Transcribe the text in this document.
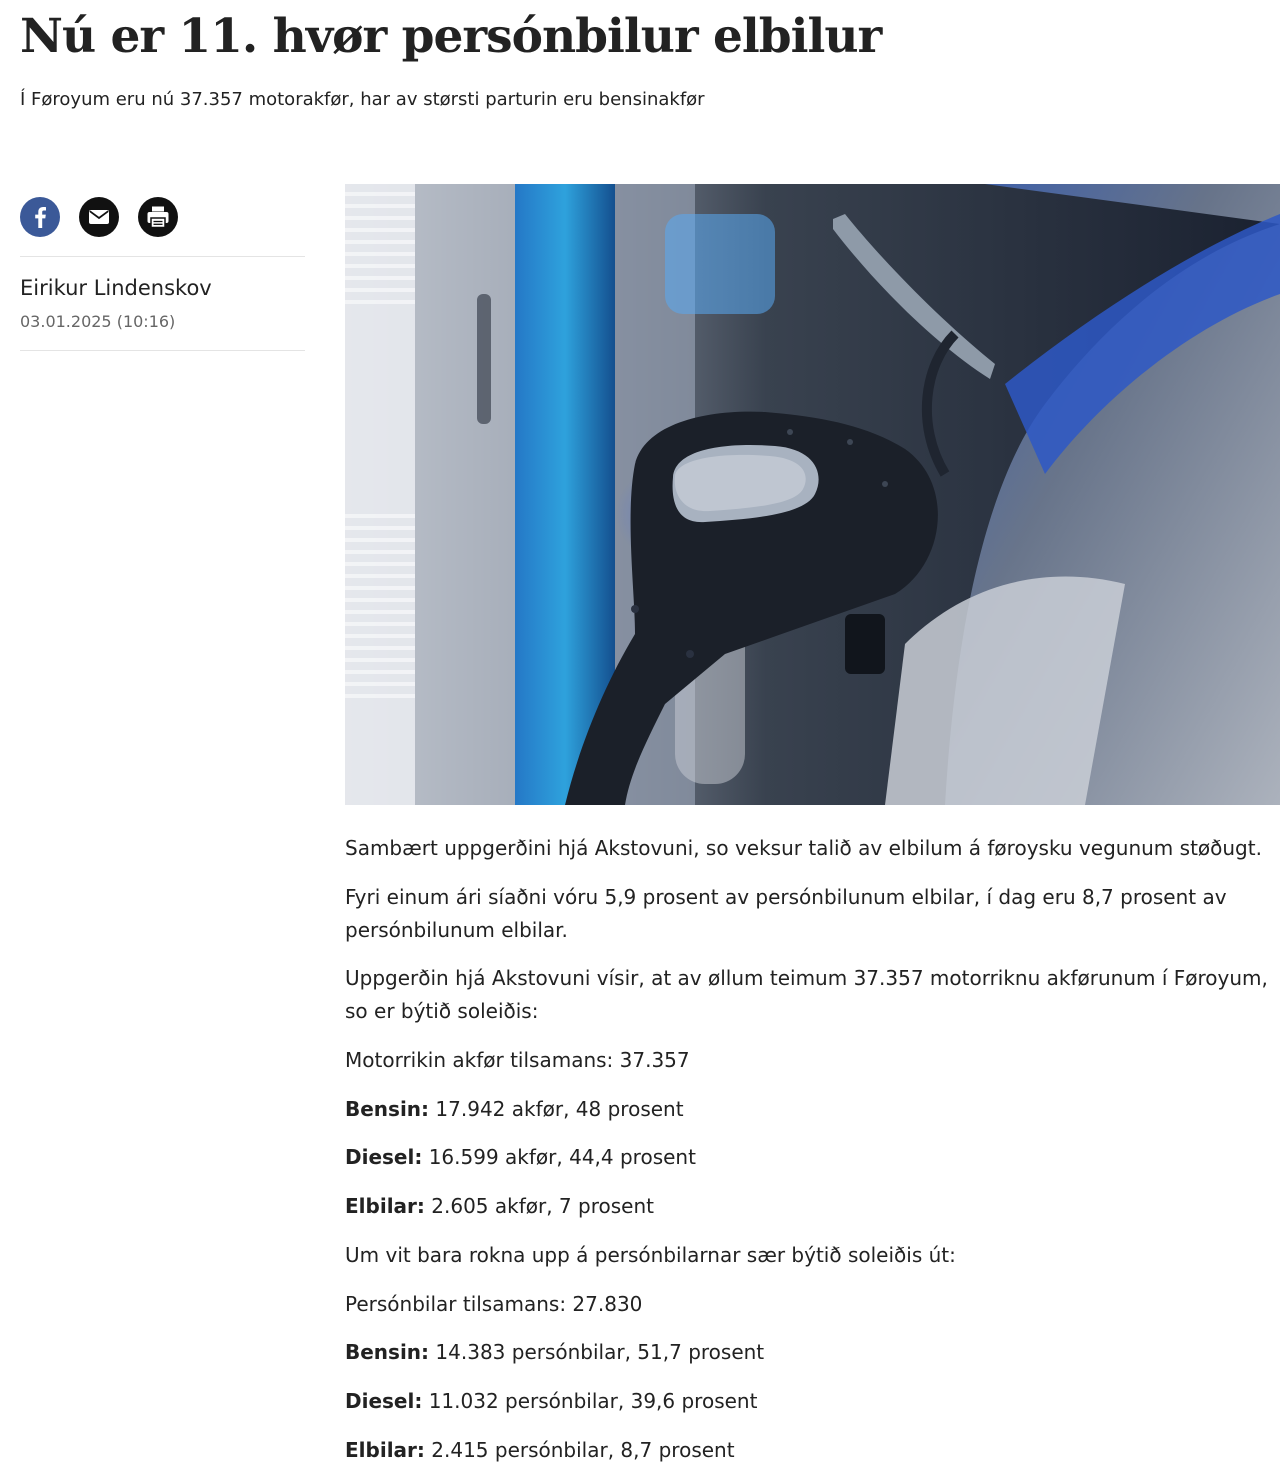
Nú er 11. hvør persónbilur elbilur

Í Føroyum eru nú 37.357 motorakfør, har av størsti parturin eru bensinakfør

Eirikur Lindenskov

03.01.2025 (10:16)

Sambært uppgerðini hjá Akstovuni, so veksur talið av elbilum á føroysku vegunum støðugt.

Fyri einum ári síaðni vóru 5,9 prosent av persónbilunum elbilar, í dag eru 8,7 prosent av persónbilunum elbilar.

Uppgerðin hjá Akstovuni vísir, at av øllum teimum 37.357 motorriknu akførunum í Føroyum, so er býtið soleiðis:

Motorrikin akfør tilsamans: 37.357

Bensin: 17.942 akfør, 48 prosent

Diesel: 16.599 akfør, 44,4 prosent

Elbilar: 2.605 akfør, 7 prosent

Um vit bara rokna upp á persónbilarnar sær býtið soleiðis út:

Persónbilar tilsamans: 27.830

Bensin: 14.383 persónbilar, 51,7 prosent

Diesel: 11.032 persónbilar, 39,6 prosent

Elbilar: 2.415 persónbilar, 8,7 prosent
